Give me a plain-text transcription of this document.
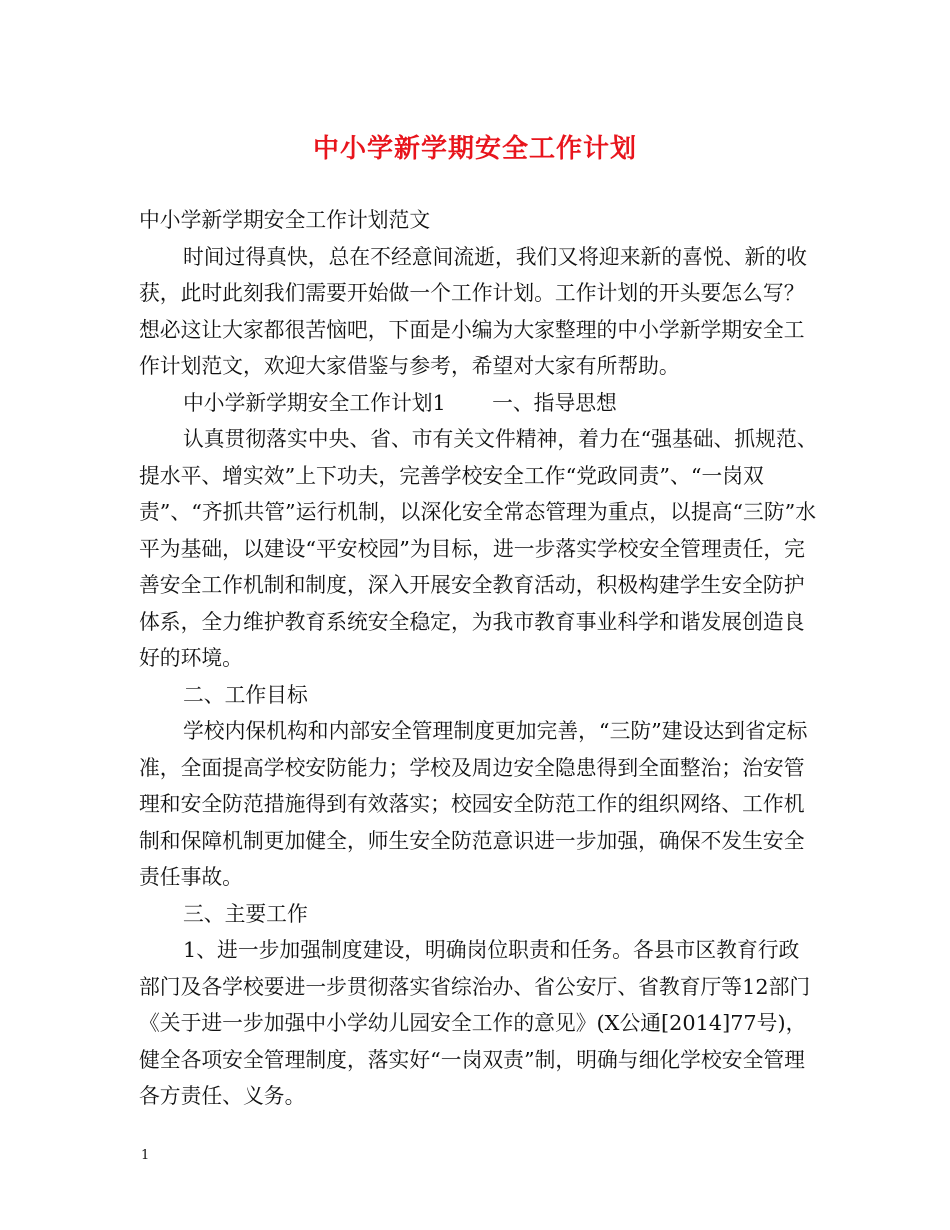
中小学新学期安全工作计划

中小学新学期安全工作计划范文

时间过得真快，总在不经意间流逝，我们又将迎来新的喜悦、新的收获，此时此刻我们需要开始做一个工作计划。工作计划的开头要怎么写？想必这让大家都很苦恼吧，下面是小编为大家整理的中小学新学期安全工作计划范文，欢迎大家借鉴与参考，希望对大家有所帮助。

中小学新学期安全工作计划1       一、指导思想

认真贯彻落实中央、省、市有关文件精神，着力在“强基础、抓规范、提水平、增实效”上下功夫，完善学校安全工作“党政同责”、“一岗双责”、“齐抓共管”运行机制，以深化安全常态管理为重点，以提高“三防”水平为基础，以建设“平安校园”为目标，进一步落实学校安全管理责任，完善安全工作机制和制度，深入开展安全教育活动，积极构建学生安全防护体系，全力维护教育系统安全稳定，为我市教育事业科学和谐发展创造良好的环境。

二、工作目标

学校内保机构和内部安全管理制度更加完善，“三防”建设达到省定标准，全面提高学校安防能力；学校及周边安全隐患得到全面整治；治安管理和安全防范措施得到有效落实；校园安全防范工作的组织网络、工作机制和保障机制更加健全，师生安全防范意识进一步加强，确保不发生安全责任事故。

三、主要工作

1、进一步加强制度建设，明确岗位职责和任务。各县市区教育行政部门及各学校要进一步贯彻落实省综治办、省公安厅、省教育厅等12部门《关于进一步加强中小学幼儿园安全工作的意见》(X公通[2014]77号)，健全各项安全管理制度，落实好“一岗双责”制，明确与细化学校安全管理各方责任、义务。

1
